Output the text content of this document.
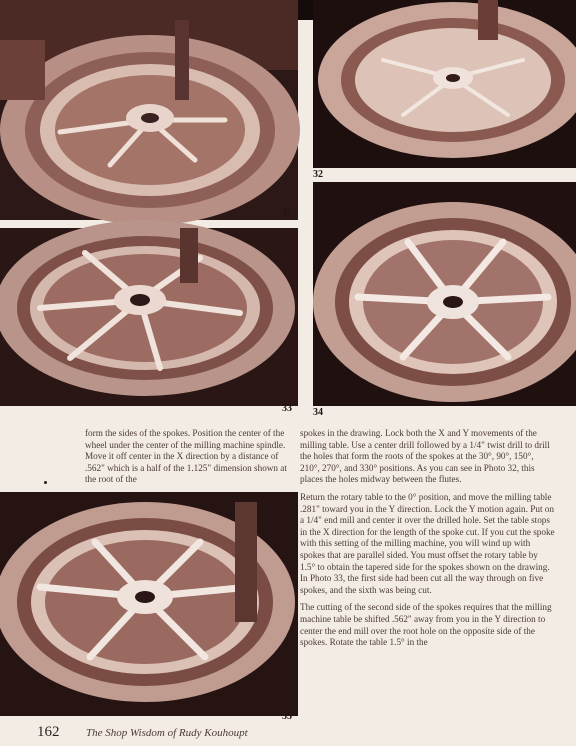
31
32
33 34
35

form the sides of the spokes. Position the center of the wheel under the center of the milling machine spindle. Move it off center in the X direction by a distance of .562" which is a half of the 1.125" dimension shown at the root of the

spokes in the drawing. Lock both the X and Y movements of the milling table. Use a center drill followed by a 1/4" twist drill to drill the holes that form the roots of the spokes at the 30°, 90°, 150°, 210°, 270°, and 330° positions. As you can see in Photo 32, this places the holes midway between the flutes.

Return the rotary table to the 0° position, and move the milling table .281" toward you in the Y direction. Lock the Y motion again. Put on a 1/4" end mill and center it over the drilled hole. Set the table stops in the X direction for the length of the spoke cut. If you cut the spoke with this setting of the milling machine, you will wind up with spokes that are parallel sided. You must offset the rotary table by 1.5° to obtain the tapered side for the spokes shown on the drawing. In Photo 33, the first side had been cut all the way through on five spokes, and the sixth was being cut.

The cutting of the second side of the spokes requires that the milling machine table be shifted .562" away from you in the Y direction to center the end mill over the root hole on the opposite side of the spokes. Rotate the table 1.5° in the

162 The Shop Wisdom of Rudy Kouhoupt
